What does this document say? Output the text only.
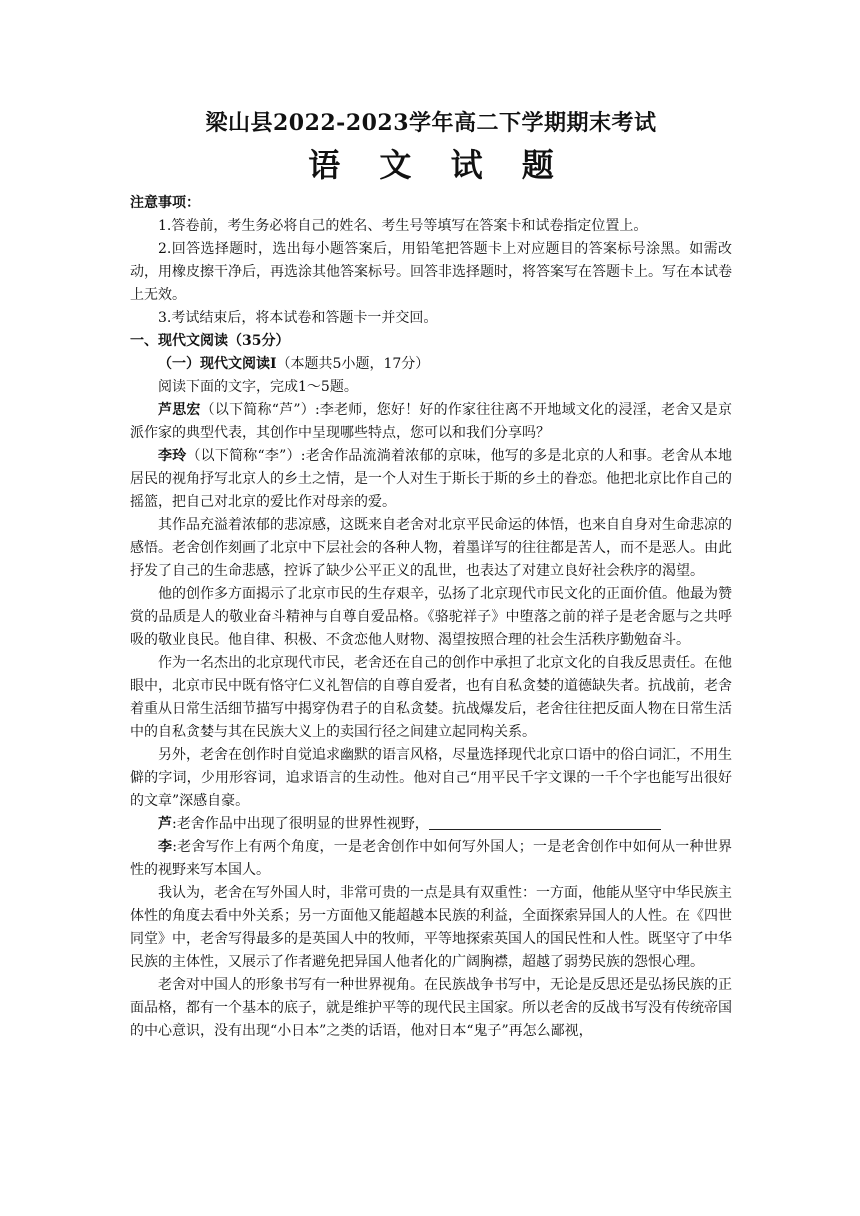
梁山县2022-2023学年高二下学期期末考试
语 文 试 题

注意事项：

1.答卷前，考生务必将自己的姓名、考生号等填写在答案卡和试卷指定位置上。

2.回答选择题时，选出每小题答案后，用铅笔把答题卡上对应题目的答案标号涂黑。如需改动，用橡皮擦干净后，再选涂其他答案标号。回答非选择题时，将答案写在答题卡上。写在本试卷上无效。

3.考试结束后，将本试卷和答题卡一并交回。

一、现代文阅读（35分）

（一）现代文阅读Ⅰ（本题共5小题，17分）

阅读下面的文字，完成1～5题。

芦思宏（以下简称“芦”）:李老师，您好！好的作家往往离不开地域文化的浸淫，老舍又是京派作家的典型代表，其创作中呈现哪些特点，您可以和我们分享吗？

李玲（以下简称“李”）:老舍作品流淌着浓郁的京味，他写的多是北京的人和事。老舍从本地居民的视角抒写北京人的乡土之情，是一个人对生于斯长于斯的乡土的眷恋。他把北京比作自己的摇篮，把自己对北京的爱比作对母亲的爱。

其作品充溢着浓郁的悲凉感，这既来自老舍对北京平民命运的体悟，也来自自身对生命悲凉的感悟。老舍创作刻画了北京中下层社会的各种人物，着墨详写的往往都是苦人，而不是恶人。由此抒发了自己的生命悲感，控诉了缺少公平正义的乱世，也表达了对建立良好社会秩序的渴望。

他的创作多方面揭示了北京市民的生存艰辛，弘扬了北京现代市民文化的正面价值。他最为赞赏的品质是人的敬业奋斗精神与自尊自爱品格。《骆驼祥子》中堕落之前的祥子是老舍愿与之共呼吸的敬业良民。他自律、积极、不贪恋他人财物、渴望按照合理的社会生活秩序勤勉奋斗。

作为一名杰出的北京现代市民，老舍还在自己的创作中承担了北京文化的自我反思责任。在他眼中，北京市民中既有恪守仁义礼智信的自尊自爱者，也有自私贪婪的道德缺失者。抗战前，老舍着重从日常生活细节描写中揭穿伪君子的自私贪婪。抗战爆发后，老舍往往把反面人物在日常生活中的自私贪婪与其在民族大义上的卖国行径之间建立起同构关系。

另外，老舍在创作时自觉追求幽默的语言风格，尽量选择现代北京口语中的俗白词汇，不用生僻的字词，少用形容词，追求语言的生动性。他对自己“用平民千字文课的一千个字也能写出很好的文章”深感自豪。

芦:老舍作品中出现了很明显的世界性视野，

李:老舍写作上有两个角度，一是老舍创作中如何写外国人；一是老舍创作中如何从一种世界性的视野来写本国人。

我认为，老舍在写外国人时，非常可贵的一点是具有双重性：一方面，他能从坚守中华民族主体性的角度去看中外关系；另一方面他又能超越本民族的利益，全面探索异国人的人性。在《四世同堂》中，老舍写得最多的是英国人中的牧师，平等地探索英国人的国民性和人性。既坚守了中华民族的主体性，又展示了作者避免把异国人他者化的广阔胸襟，超越了弱势民族的怨恨心理。

老舍对中国人的形象书写有一种世界视角。在民族战争书写中，无论是反思还是弘扬民族的正面品格，都有一个基本的底子，就是维护平等的现代民主国家。所以老舍的反战书写没有传统帝国的中心意识，没有出现“小日本”之类的话语，他对日本“鬼子”再怎么鄙视，
